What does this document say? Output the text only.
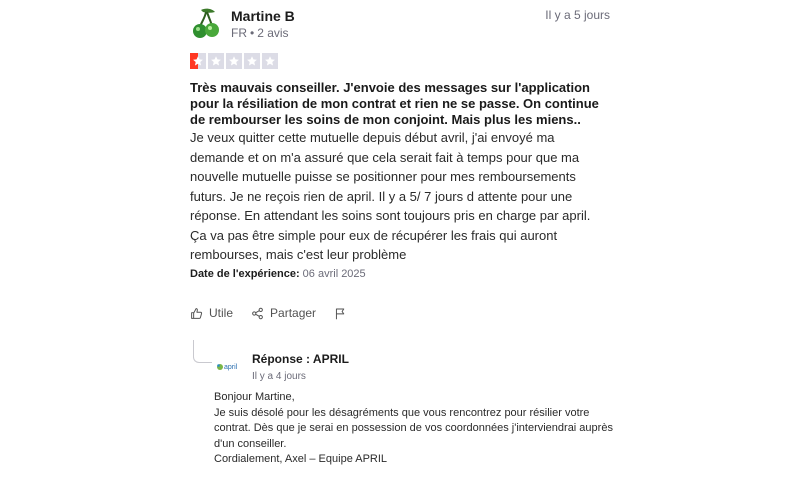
Martine B
FR • 2 avis
Il y a 5 jours
Très mauvais conseiller. J'envoie des messages sur l'application pour la résiliation de mon contrat et rien ne se passe. On continue de rembourser les soins de mon conjoint. Mais plus les miens..
Je veux quitter cette mutuelle depuis début avril, j'ai envoyé ma demande et on m'a assuré que cela serait fait à temps pour que ma nouvelle mutuelle puisse se positionner pour mes remboursements futurs. Je ne reçois rien de april. Il y a 5/ 7 jours d attente pour une réponse. En attendant les soins sont toujours pris en charge par april. Ça va pas être simple pour eux de récupérer les frais qui auront rembourses, mais c'est leur problème
Date de l'expérience: 06 avril 2025
Utile	Partager
april
Réponse : APRIL
Il y a 4 jours

Bonjour Martine,

Je suis désolé pour les désagréments que vous rencontrez pour résilier votre contrat. Dès que je serai en possession de vos coordonnées j'interviendrai auprès d'un conseiller.

Cordialement, Axel – Equipe APRIL
